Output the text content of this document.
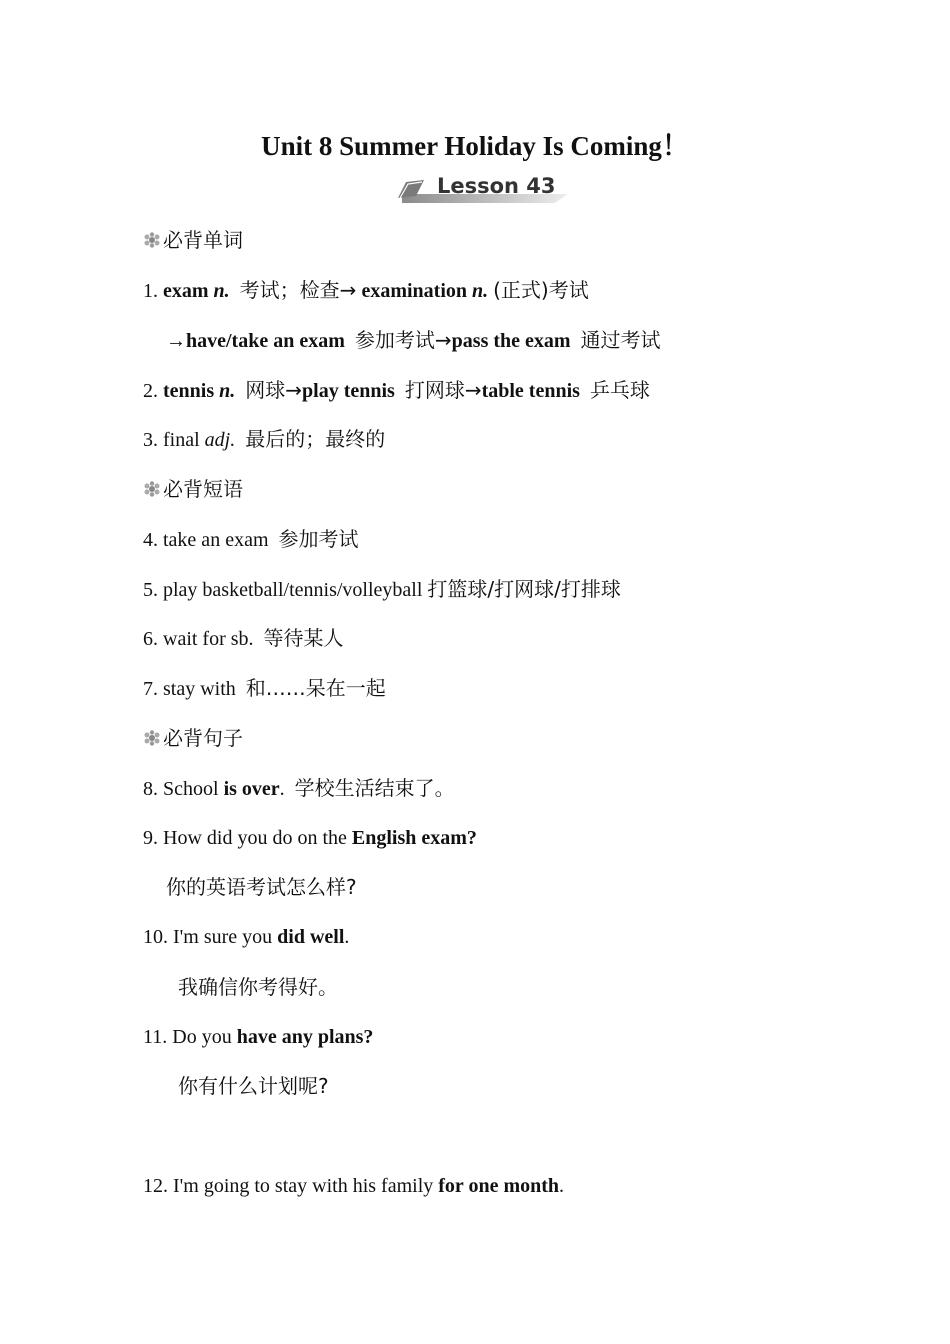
Unit 8 Summer Holiday Is Coming！
Lesson 43
必背单词
1. exam n. 考试；检查→ examination n. (正式)考试
→have/take an exam 参加考试→pass the exam 通过考试
2. tennis n. 网球→play tennis 打网球→table tennis 乒乓球
3. final adj. 最后的；最终的
必背短语
4. take an exam 参加考试
5. play basketball/tennis/volleyball 打篮球/打网球/打排球
6. wait for sb. 等待某人
7. stay with 和……呆在一起
必背句子
8. School is over. 学校生活结束了。
9. How did you do on the English exam?
你的英语考试怎么样?
10. I'm sure you did well.
我确信你考得好。
11. Do you have any plans?
你有什么计划呢?
12. I'm going to stay with his family for one month.
